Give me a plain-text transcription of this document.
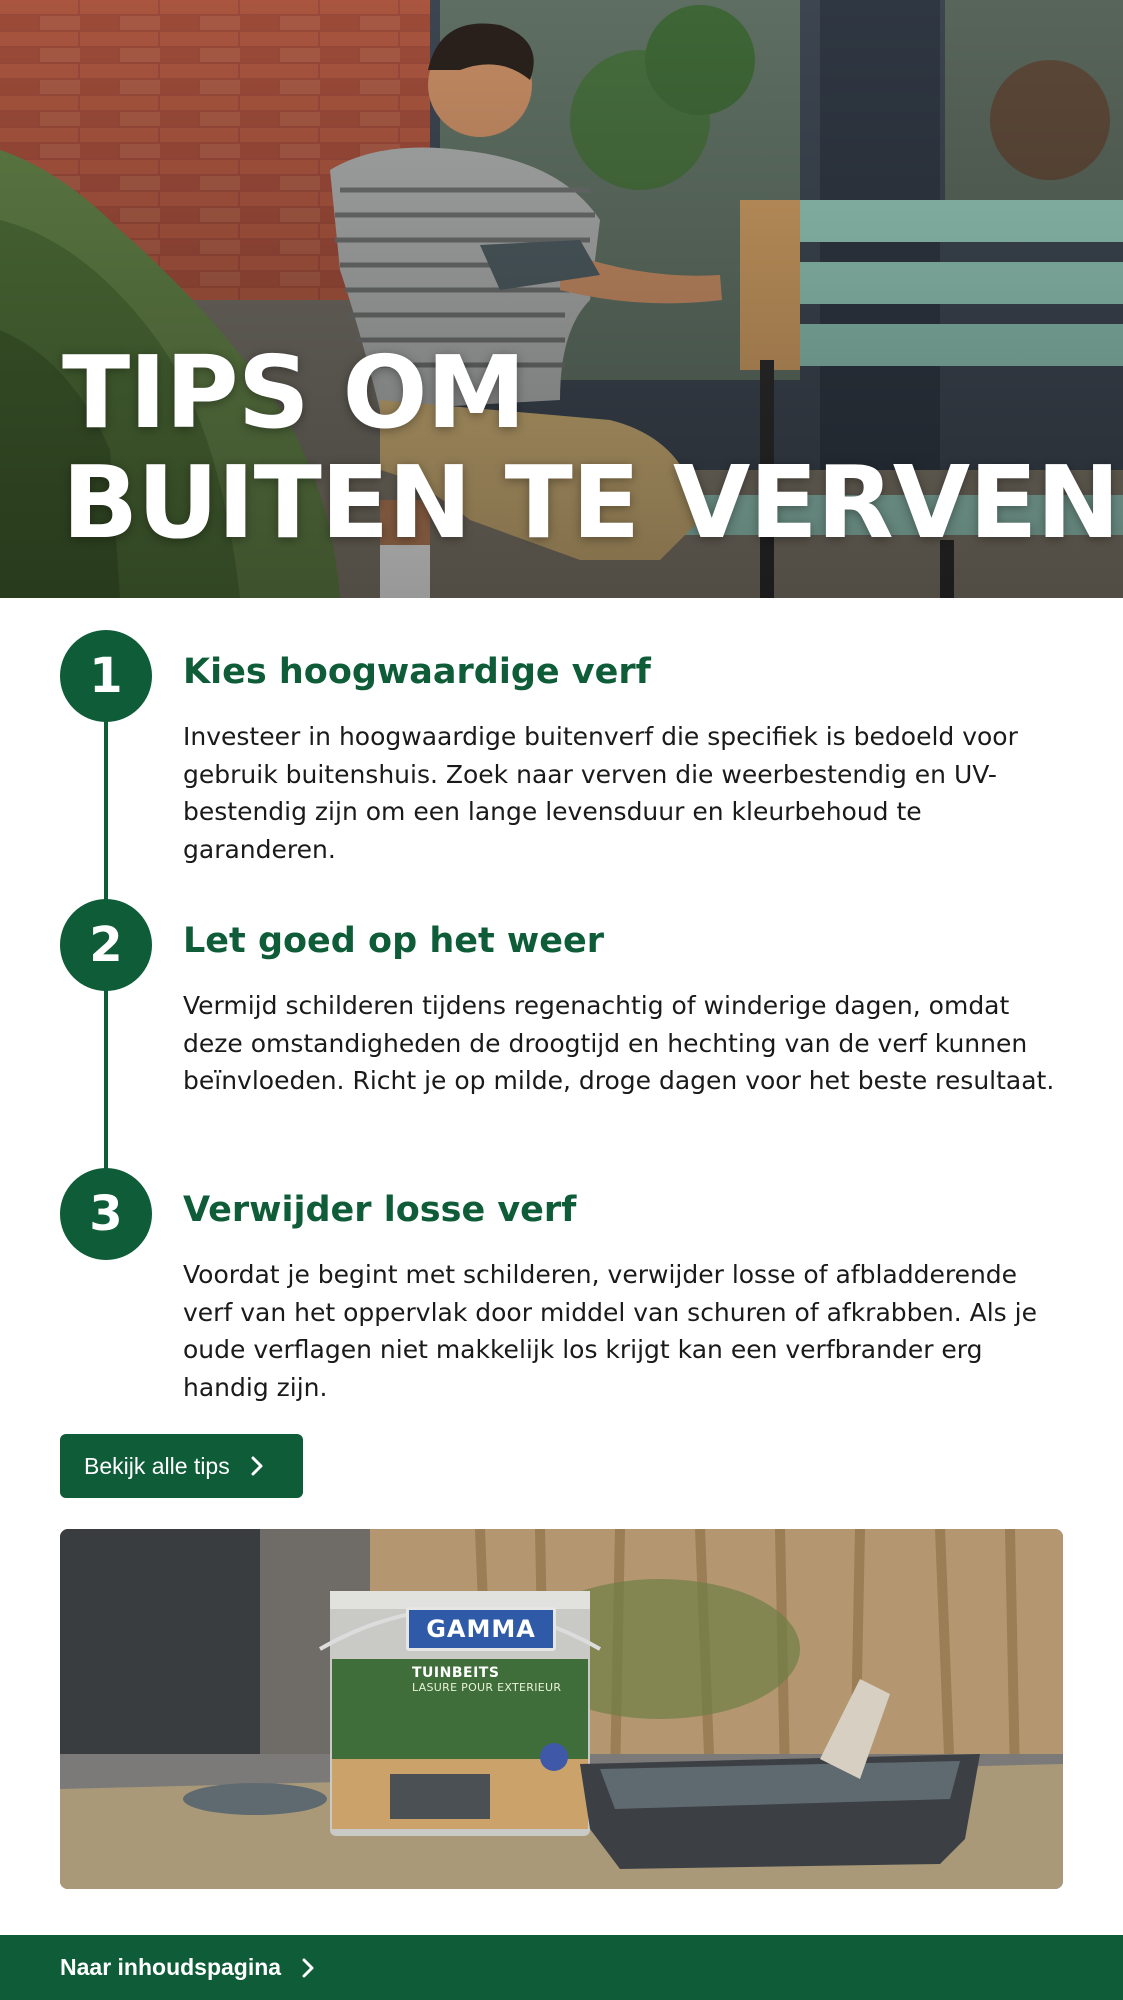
TIPS OM
BUITEN TE VERVEN
1	Kies hoogwaardige verf

Investeer in hoogwaardige buitenverf die specifiek is bedoeld voor gebruik buitenshuis. Zoek naar verven die weerbestendig en UV-bestendig zijn om een lange levensduur en kleurbehoud te garanderen.

2	Let goed op het weer

Vermijd schilderen tijdens regenachtig of winderige dagen, omdat deze omstandigheden de droogtijd en hechting van de verf kunnen beïnvloeden. Richt je op milde, droge dagen voor het beste resultaat.

3	Verwijder losse verf

Voordat je begint met schilderen, verwijder losse of afbladderende verf van het oppervlak door middel van schuren of afkrabben. Als je oude verflagen niet makkelijk los krijgt kan een verfbrander erg handig zijn.

Bekijk alle tips
GAMMA
TUINBEITS
LASURE POUR EXTERIEUR
Naar inhoudspagina
